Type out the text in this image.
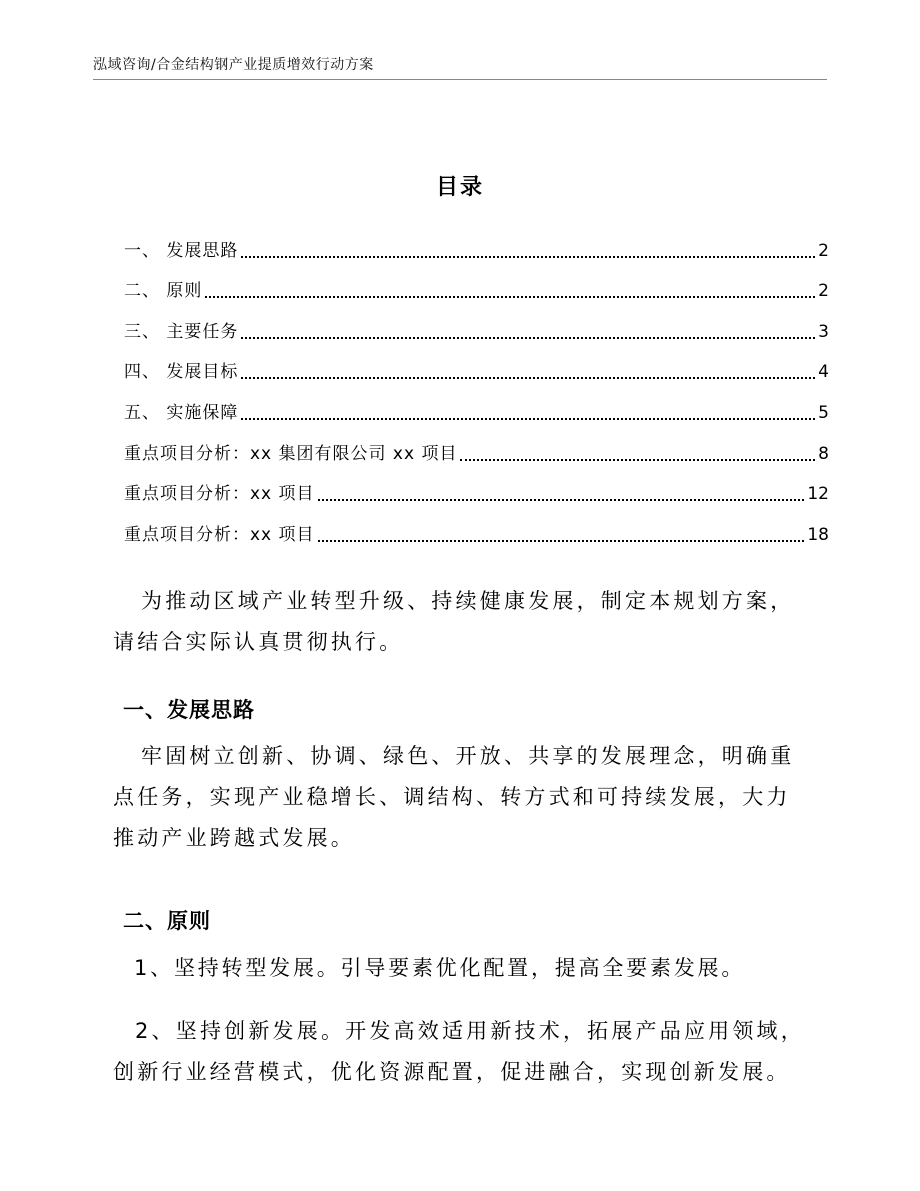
泓域咨询/合金结构钢产业提质增效行动方案
目录
一、 发展思路	2
二、 原则	2
三、 主要任务	3
四、 发展目标	4
五、 实施保障	5
重点项目分析：xx 集团有限公司 xx 项目	8
重点项目分析：xx 项目	12
重点项目分析：xx 项目	18

为推动区域产业转型升级、持续健康发展，制定本规划方案，请结合实际认真贯彻执行。

一、发展思路

牢固树立创新、协调、绿色、开放、共享的发展理念，明确重点任务，实现产业稳增长、调结构、转方式和可持续发展，大力推动产业跨越式发展。

二、原则

1、坚持转型发展。引导要素优化配置，提高全要素发展。

2、坚持创新发展。开发高效适用新技术，拓展产品应用领域，创新行业经营模式，优化资源配置，促进融合，实现创新发展。
